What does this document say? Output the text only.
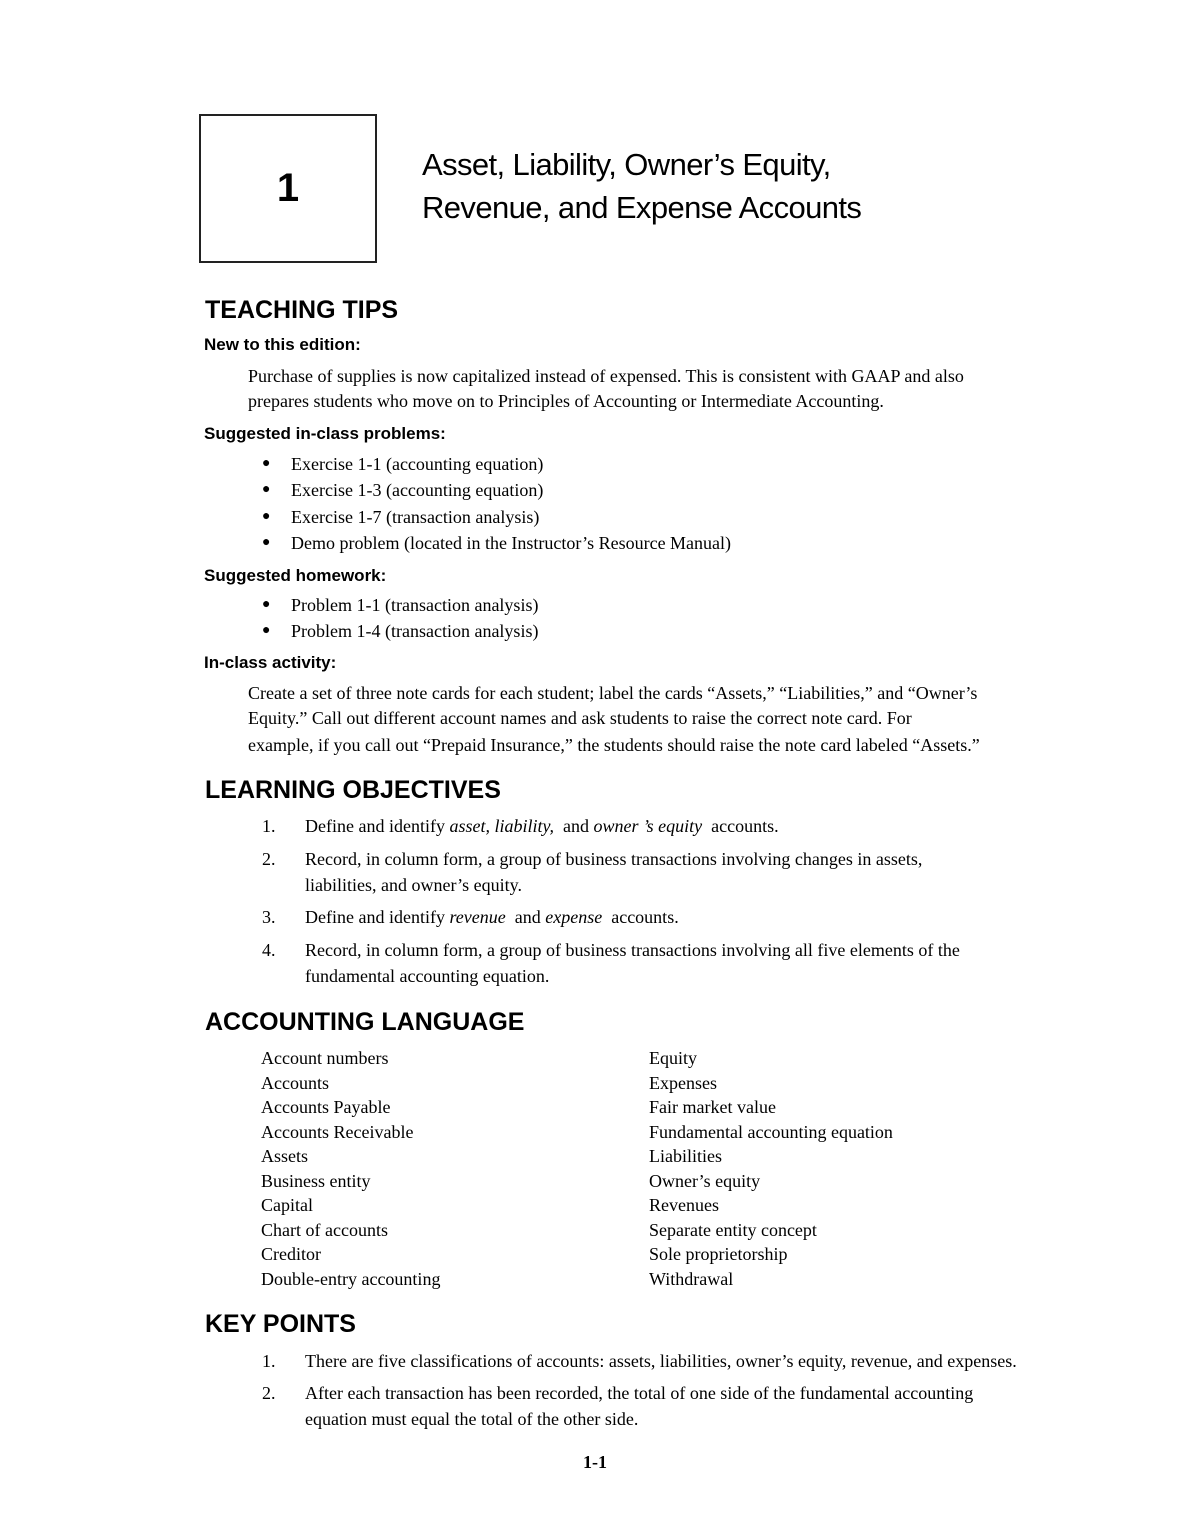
1
Asset, Liability, Owner’s Equity,
Revenue, and Expense Accounts
TEACHING TIPS
New to this edition:
Purchase of supplies is now capitalized instead of expensed. This is consistent with GAAP and also
prepares students who move on to Principles of Accounting or Intermediate Accounting.
Suggested in-class problems:
Suggested homework:
In-class activity:
Create a set of three note cards for each student; label the cards “Assets,” “Liabilities,” and “Owner’s
Equity.” Call out different account names and ask students to raise the correct note card. For
example, if you call out “Prepaid Insurance,” the students should raise the note card labeled “Assets.”
LEARNING OBJECTIVES
ACCOUNTING LANGUAGE
KEY POINTS
1-1
● Exercise 1-1 (accounting equation)
● Exercise 1-3 (accounting equation)
● Exercise 1-7 (transaction analysis)
● Demo problem (located in the Instructor’s Resource Manual)
● Problem 1-1 (transaction analysis)
● Problem 1-4 (transaction analysis)
1. Define and identify asset, liability,  and owner ’s equity  accounts.
2. Record, in column form, a group of business transactions involving changes in assets,
liabilities, and owner’s equity.
3. Define and identify revenue  and expense  accounts.
4. Record, in column form, a group of business transactions involving all five elements of the
fundamental accounting equation.
Account numbers	Equity
Accounts	Expenses
Accounts Payable	Fair market value
Accounts Receivable	Fundamental accounting equation
Assets	Liabilities
Business entity	Owner’s equity
Capital	Revenues
Chart of accounts	Separate entity concept
Creditor	Sole proprietorship
Double-entry accounting	Withdrawal
1. There are five classifications of accounts: assets, liabilities, owner’s equity, revenue, and expenses.
2. After each transaction has been recorded, the total of one side of the fundamental accounting
equation must equal the total of the other side.
